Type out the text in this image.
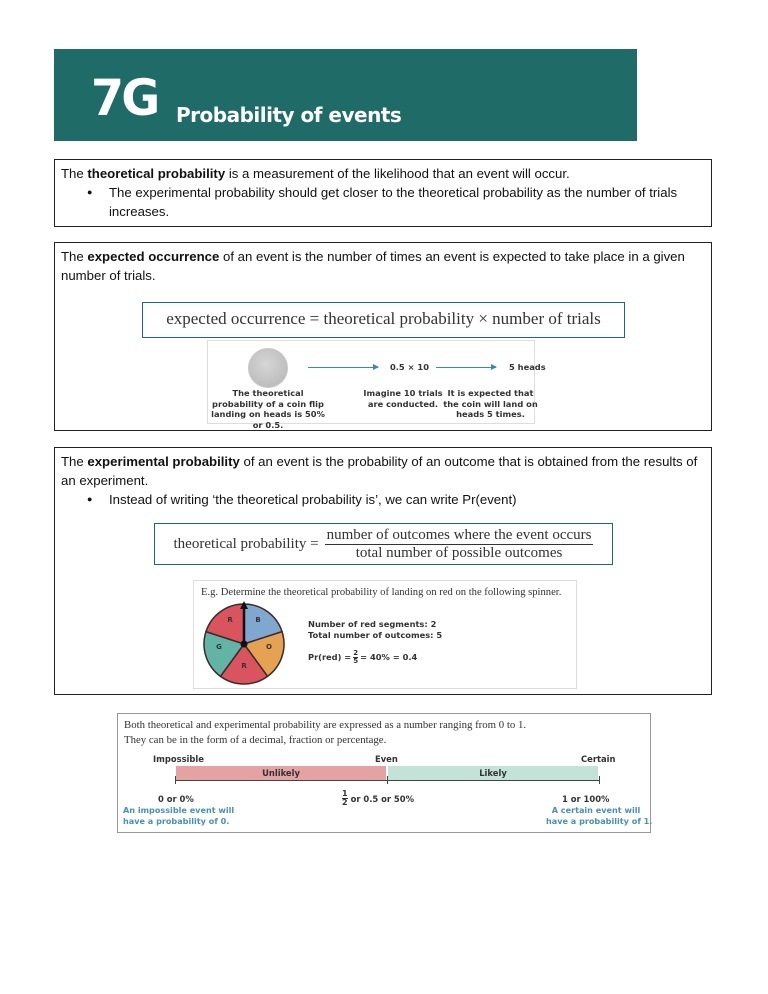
7G Probability of events

The theoretical probability is a measurement of the likelihood that an event will occur.

● The experimental probability should get closer to the theoretical probability as the number of trials increases.

The expected occurrence of an event is the number of times an event is expected to take place in a given number of trials.

expected occurrence = theoretical probability × number of trials
0.5 × 10	5 heads
The theoretical probability of a coin flip landing on heads is 50% or 0.5.
Imagine 10 trials are conducted.
It is expected that the coin will land on heads 5 times.

The experimental probability of an event is the probability of an outcome that is obtained from the results of an experiment.

● Instead of writing ‘the theoretical probability is’, we can write Pr(event)
theoretical probability = $\frac{\text{number of outcomes where the event occurs}}{\text{total number of possible outcomes}}$
E.g. Determine the theoretical probability of landing on red on the following spinner.
B
O
R
G
R	Number of red segments: 2
Total number of outcomes: 5
$Pr(red) = \frac{2}{5} = 40\% = 0.4$
Both theoretical and experimental probability are expressed as a number ranging from 0 to 1.
They can be in the form of a decimal, fraction or percentage.
Impossible	Even	Certain
Unlikely	Likely
0 or 0%
1
2 or 0.5 or 50%	1 or 100%
An impossible event will
have a probability of 0.
A certain event will
have a probability of 1.
